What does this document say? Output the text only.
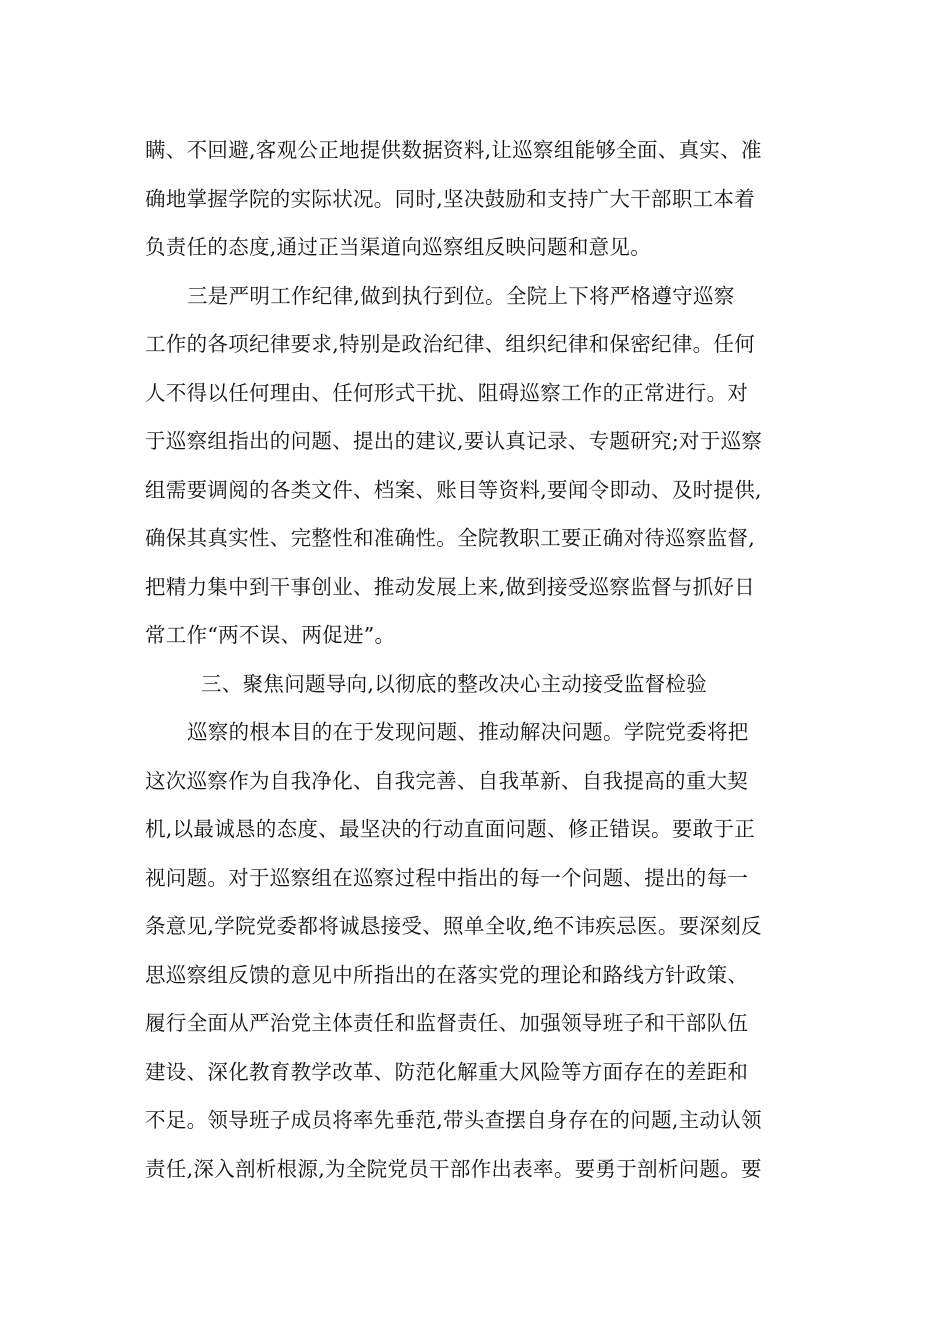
瞒、不回避,客观公正地提供数据资料,让巡察组能够全面、真实、准
确地掌握学院的实际状况。同时,坚决鼓励和支持广大干部职工本着
负责任的态度,通过正当渠道向巡察组反映问题和意见。
三是严明工作纪律,做到执行到位。全院上下将严格遵守巡察
工作的各项纪律要求,特别是政治纪律、组织纪律和保密纪律。任何
人不得以任何理由、任何形式干扰、阻碍巡察工作的正常进行。对
于巡察组指出的问题、提出的建议,要认真记录、专题研究;对于巡察
组需要调阅的各类文件、档案、账目等资料,要闻令即动、及时提供,
确保其真实性、完整性和准确性。全院教职工要正确对待巡察监督,
把精力集中到干事创业、推动发展上来,做到接受巡察监督与抓好日
常工作“两不误、两促进”。
三、聚焦问题导向,以彻底的整改决心主动接受监督检验
巡察的根本目的在于发现问题、推动解决问题。学院党委将把
这次巡察作为自我净化、自我完善、自我革新、自我提高的重大契
机,以最诚恳的态度、最坚决的行动直面问题、修正错误。要敢于正
视问题。对于巡察组在巡察过程中指出的每一个问题、提出的每一
条意见,学院党委都将诚恳接受、照单全收,绝不讳疾忌医。要深刻反
思巡察组反馈的意见中所指出的在落实党的理论和路线方针政策、
履行全面从严治党主体责任和监督责任、加强领导班子和干部队伍
建设、深化教育教学改革、防范化解重大风险等方面存在的差距和
不足。领导班子成员将率先垂范,带头查摆自身存在的问题,主动认领
责任,深入剖析根源,为全院党员干部作出表率。要勇于剖析问题。要
